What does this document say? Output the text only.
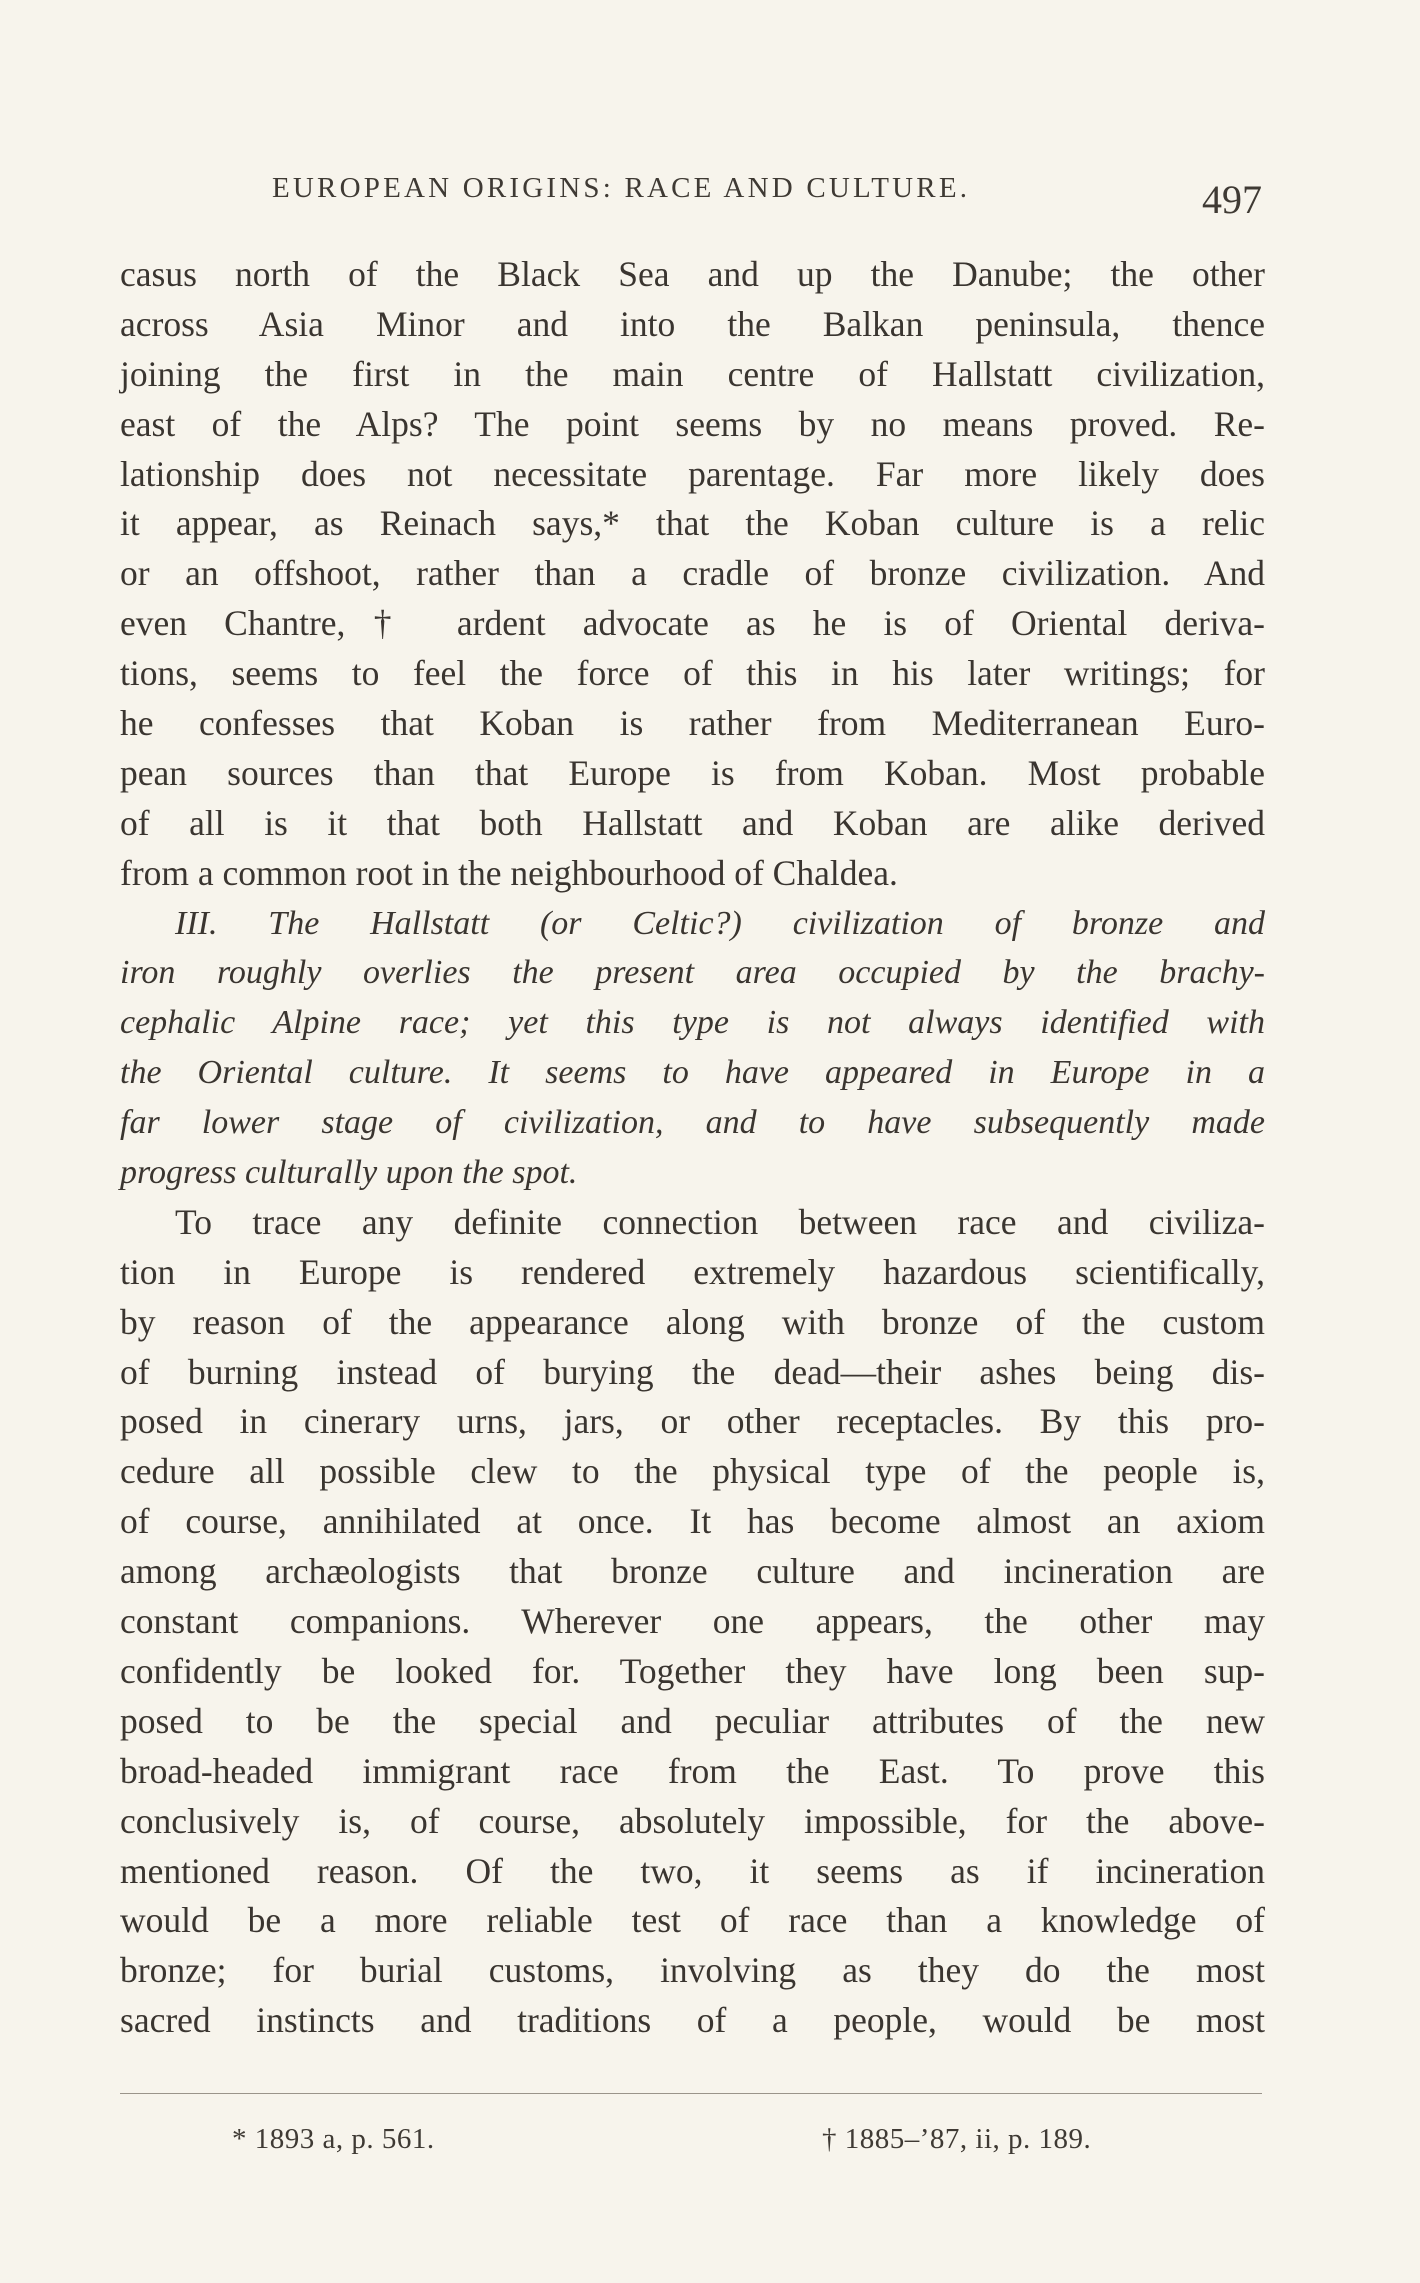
EUROPEAN ORIGINS: RACE AND CULTURE.	497
casus north of the Black Sea and up the Danube; the other
across Asia Minor and into the Balkan peninsula, thence
joining the first in the main centre of Hallstatt civilization,
east of the Alps? The point seems by no means proved. Re-
lationship does not necessitate parentage. Far more likely does
it appear, as Reinach says,* that the Koban culture is a relic
or an offshoot, rather than a cradle of bronze civilization. And
even Chantre,† ardent advocate as he is of Oriental deriva-
tions, seems to feel the force of this in his later writings; for
he confesses that Koban is rather from Mediterranean Euro-
pean sources than that Europe is from Koban. Most probable
of all is it that both Hallstatt and Koban are alike derived
from a common root in the neighbourhood of Chaldea.
III. The Hallstatt (or Celtic?) civilization of bronze and
iron roughly overlies the present area occupied by the brachy-
cephalic Alpine race; yet this type is not always identified with
the Oriental culture. It seems to have appeared in Europe in a
far lower stage of civilization, and to have subsequently made
progress culturally upon the spot.
To trace any definite connection between race and civiliza-
tion in Europe is rendered extremely hazardous scientifically,
by reason of the appearance along with bronze of the custom
of burning instead of burying the dead—their ashes being dis-
posed in cinerary urns, jars, or other receptacles. By this pro-
cedure all possible clew to the physical type of the people is,
of course, annihilated at once. It has become almost an axiom
among archæologists that bronze culture and incineration are
constant companions. Wherever one appears, the other may
confidently be looked for. Together they have long been sup-
posed to be the special and peculiar attributes of the new
broad-headed immigrant race from the East. To prove this
conclusively is, of course, absolutely impossible, for the above-
mentioned reason. Of the two, it seems as if incineration
would be a more reliable test of race than a knowledge of
bronze; for burial customs, involving as they do the most
sacred instincts and traditions of a people, would be most
* 1893 a, p. 561.	† 1885–’87, ii, p. 189.
